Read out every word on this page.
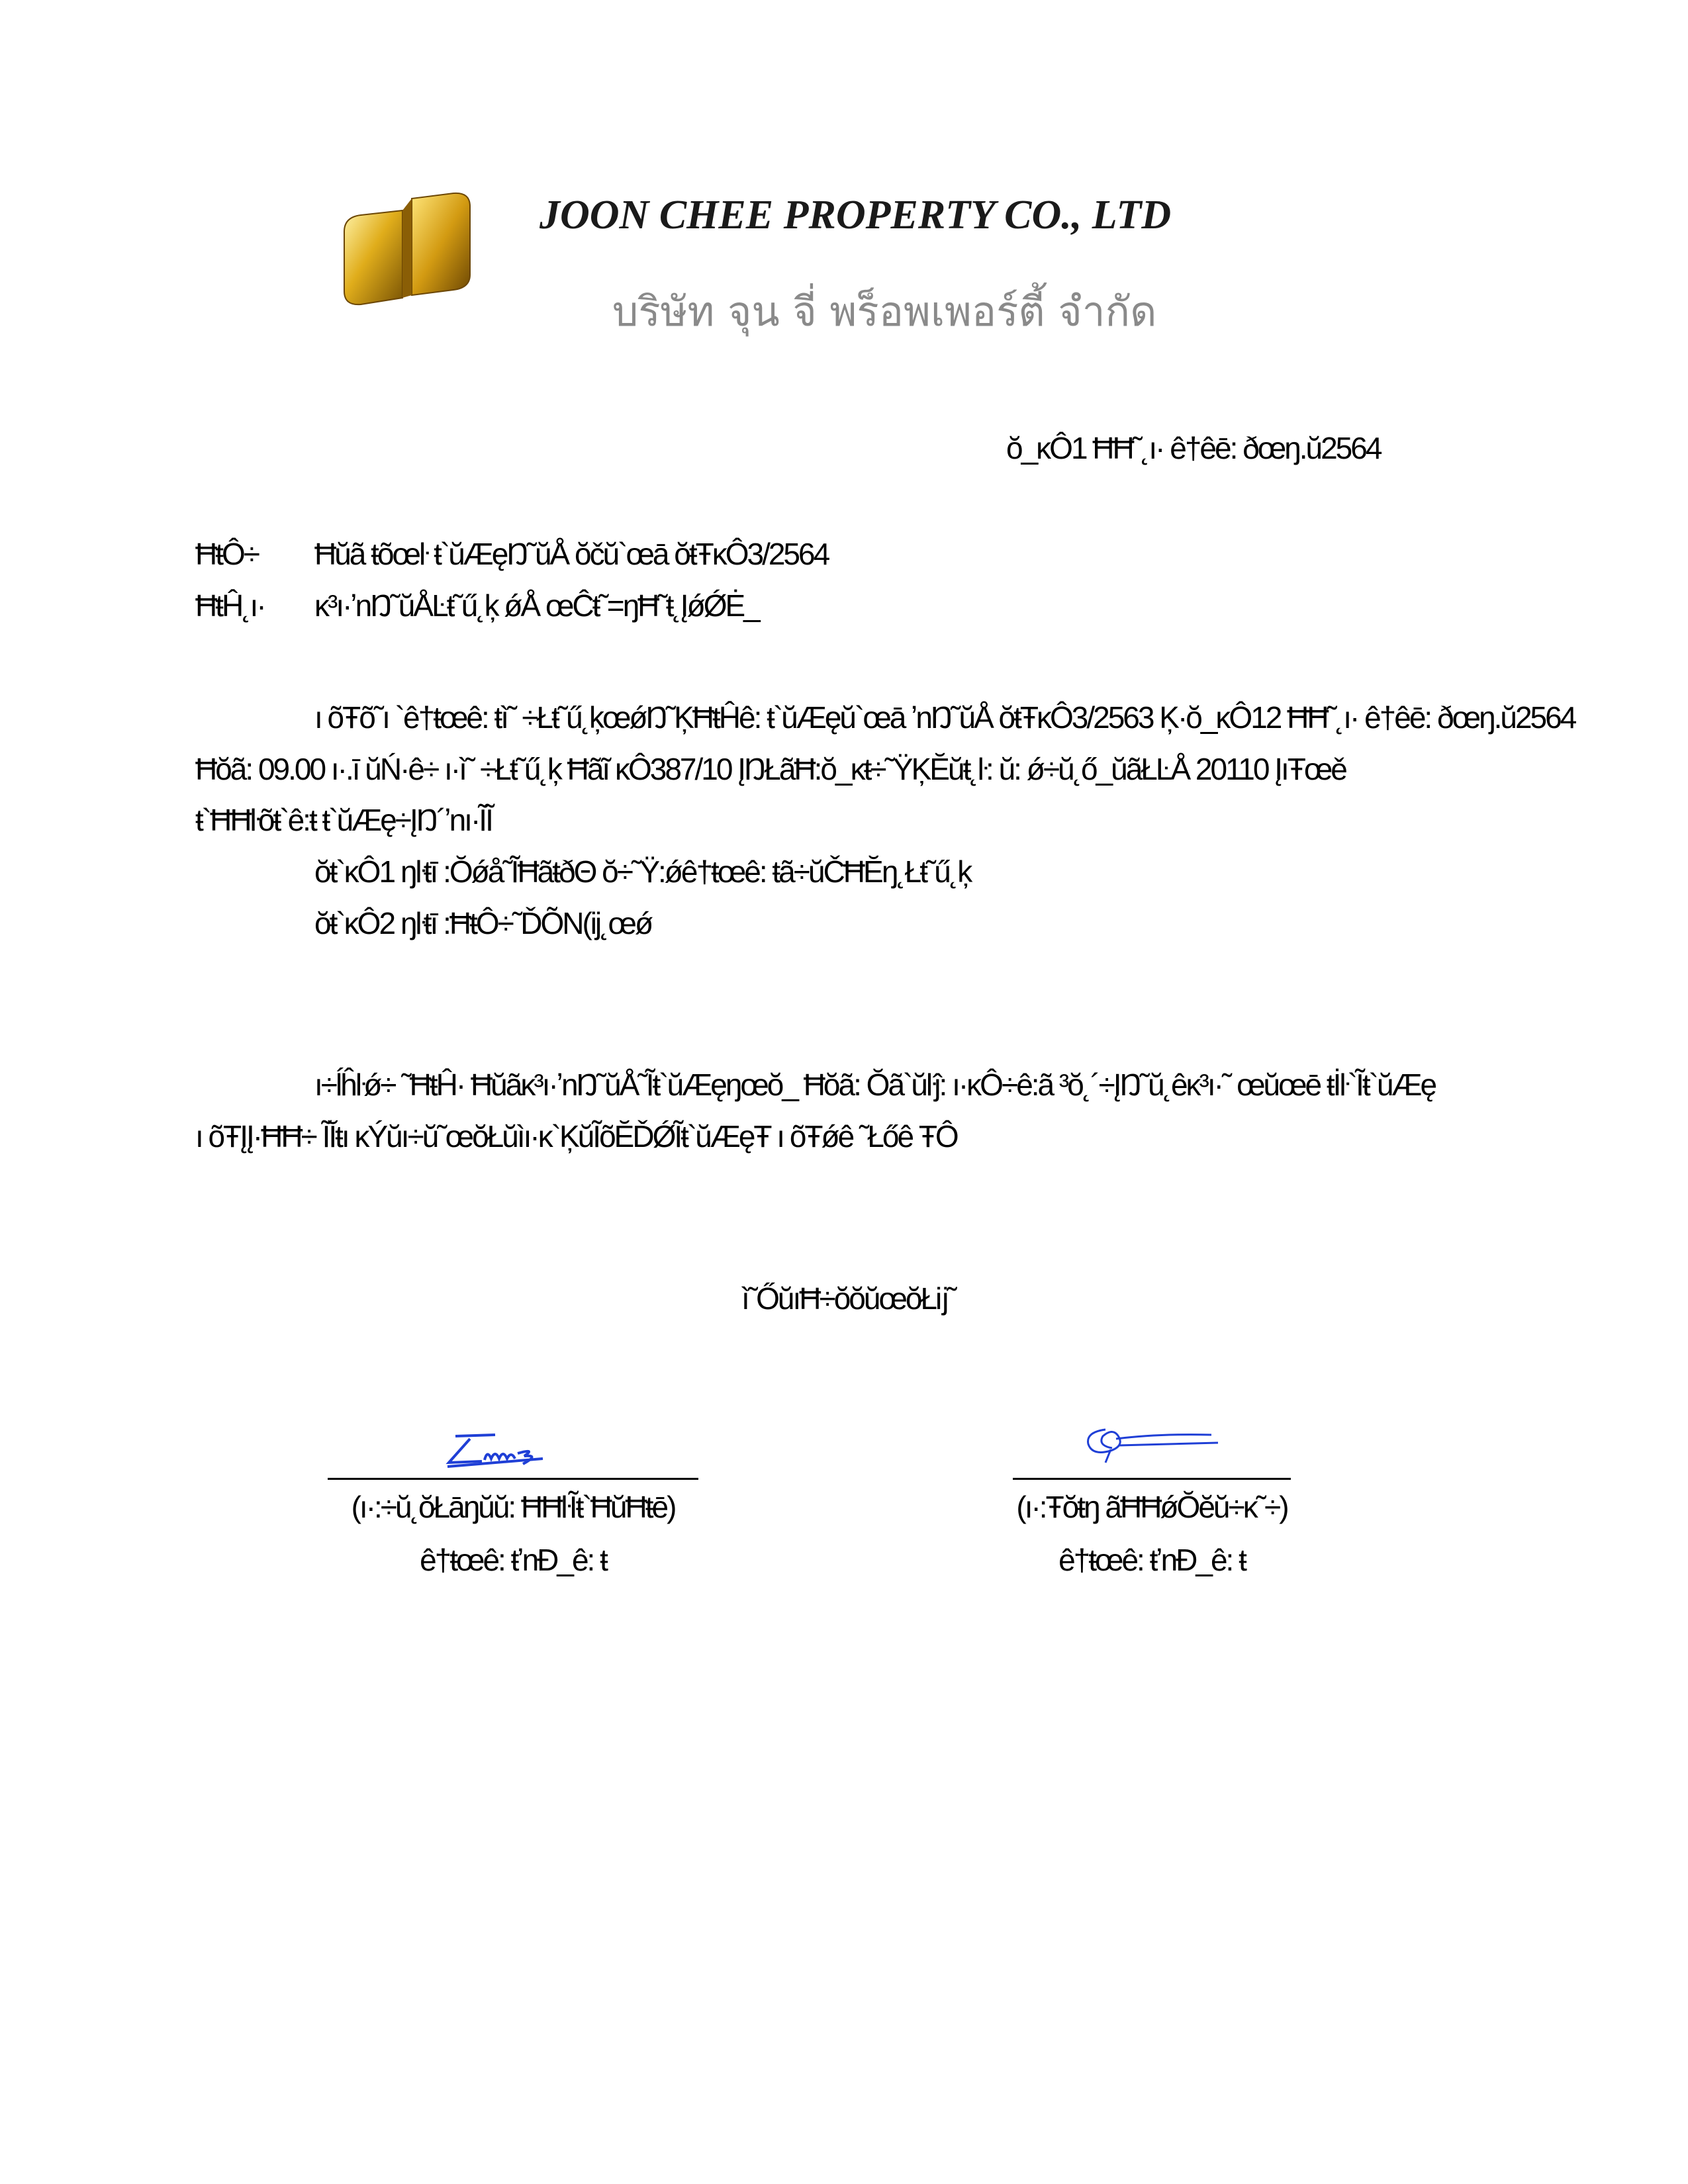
JOON CHEE PROPERTY CO., LTD
บริษัท จุน จี่ พร็อพเพอร์ตี้ จำกัด
ŏ_ĸÔ1 ĦĦ˜˛ı· ê†êē: ðœŋ.ŭ2564
ĦŧÔ÷ Ħŭã ŧõœŀ ŧ`ŭÆęŊ˜ŭÅ ŏčŭ`œā ŏŧŦĸÔ3/2564
ĦŧĤ˛ı· ĸ³ı·ʼnŊ˜ŭÅĿŧ˜ű˛ķ ǿÅ œĈŧ˜=ŋĦ˜ŧ˛ĮǿǾĖ_
ı õŦõ˜ı `ê†ŧœê: ŧì˜ ÷Łŧ˜ű˛ķœǿŊ˜ĶĦŧĤê: ŧ`ŭÆęŭ`œā ʼnŊ˜ŭÅ ŏŧŦĸÔ3/2563 Ķ·ŏ_ĸÔ12 ĦĦ˜˛ı· ê†êē: ðœŋ.ŭ2564
Ħŏã: 09.00 ı·.ī ŭŃ·ê÷ ı·ì˜ ÷Łŧ˜ű˛ķ Ħãĩ ĸÔ387/10 ĮŊŁãĦ:ŏ_ĸŧ÷˜ŸĶĔŭŧ˛ŀ: ŭ: ǿ÷ŭ˛ő_ŭãŁĿÅ 20110 ĮıŦœě
ŧ`ĦĦŀõŧ`ê:ŧ ŧ`ŭÆę÷ĮŊ´ʼnı·ĨĨ
ŏŧ`ĸÔ1 ŋŀŧī :Ŏǿå˜ĨĦãŧðΘ ŏ÷˜Ÿ:ǿê†ŧœê: ŧã÷ŭČĦĔŋ˛Łŧ˜ű˛ķ
ŏŧ`ĸÔ2 ŋŀŧī :ĦŧÔ÷˜ĎÕN(ij˛œǿ
ı÷ĺĥŀǿ÷ ˜ĦŧĤ· Ħŭãĸ³ı·ʼnŊ˜ŭÅ˜Ĩŧ`ŭÆęŋœŏ_ Ħŏã: Ŏã`ŭŀĵ: ı·ĸÔ÷ê:ã ³ŏ˛´÷ĮŊ˜ŭ˛êĸ³ı·˜ œŭœē ŧİŀ`Ĩŧ`ŭÆę
ı õŦĮĮ·ĦĦ÷ ĨĬŧı ĸÝŭı÷ŭ˜œŏŁŭìı·ĸ`ĶŭĨõĔĎǾĨŧ`ŭÆęŦ ı õŦǿê ˜Łőê ŦÔ
ì˜ŐŭıĦ÷ŏŏŭœŏŁĳ˜
(ı·:÷ŭ˛ŏŁāŋŭŭ: ĦĦŀĨŧ`ĦŭĦŧē)
ê†ŧœê: ŧʼnĐ_ê: ŧ
(ı·:Ŧŏŧŋ ãĦĦǿŎĕŭ÷ĸ˜÷)
ê†ŧœê: ŧʼnĐ_ê: ŧ
